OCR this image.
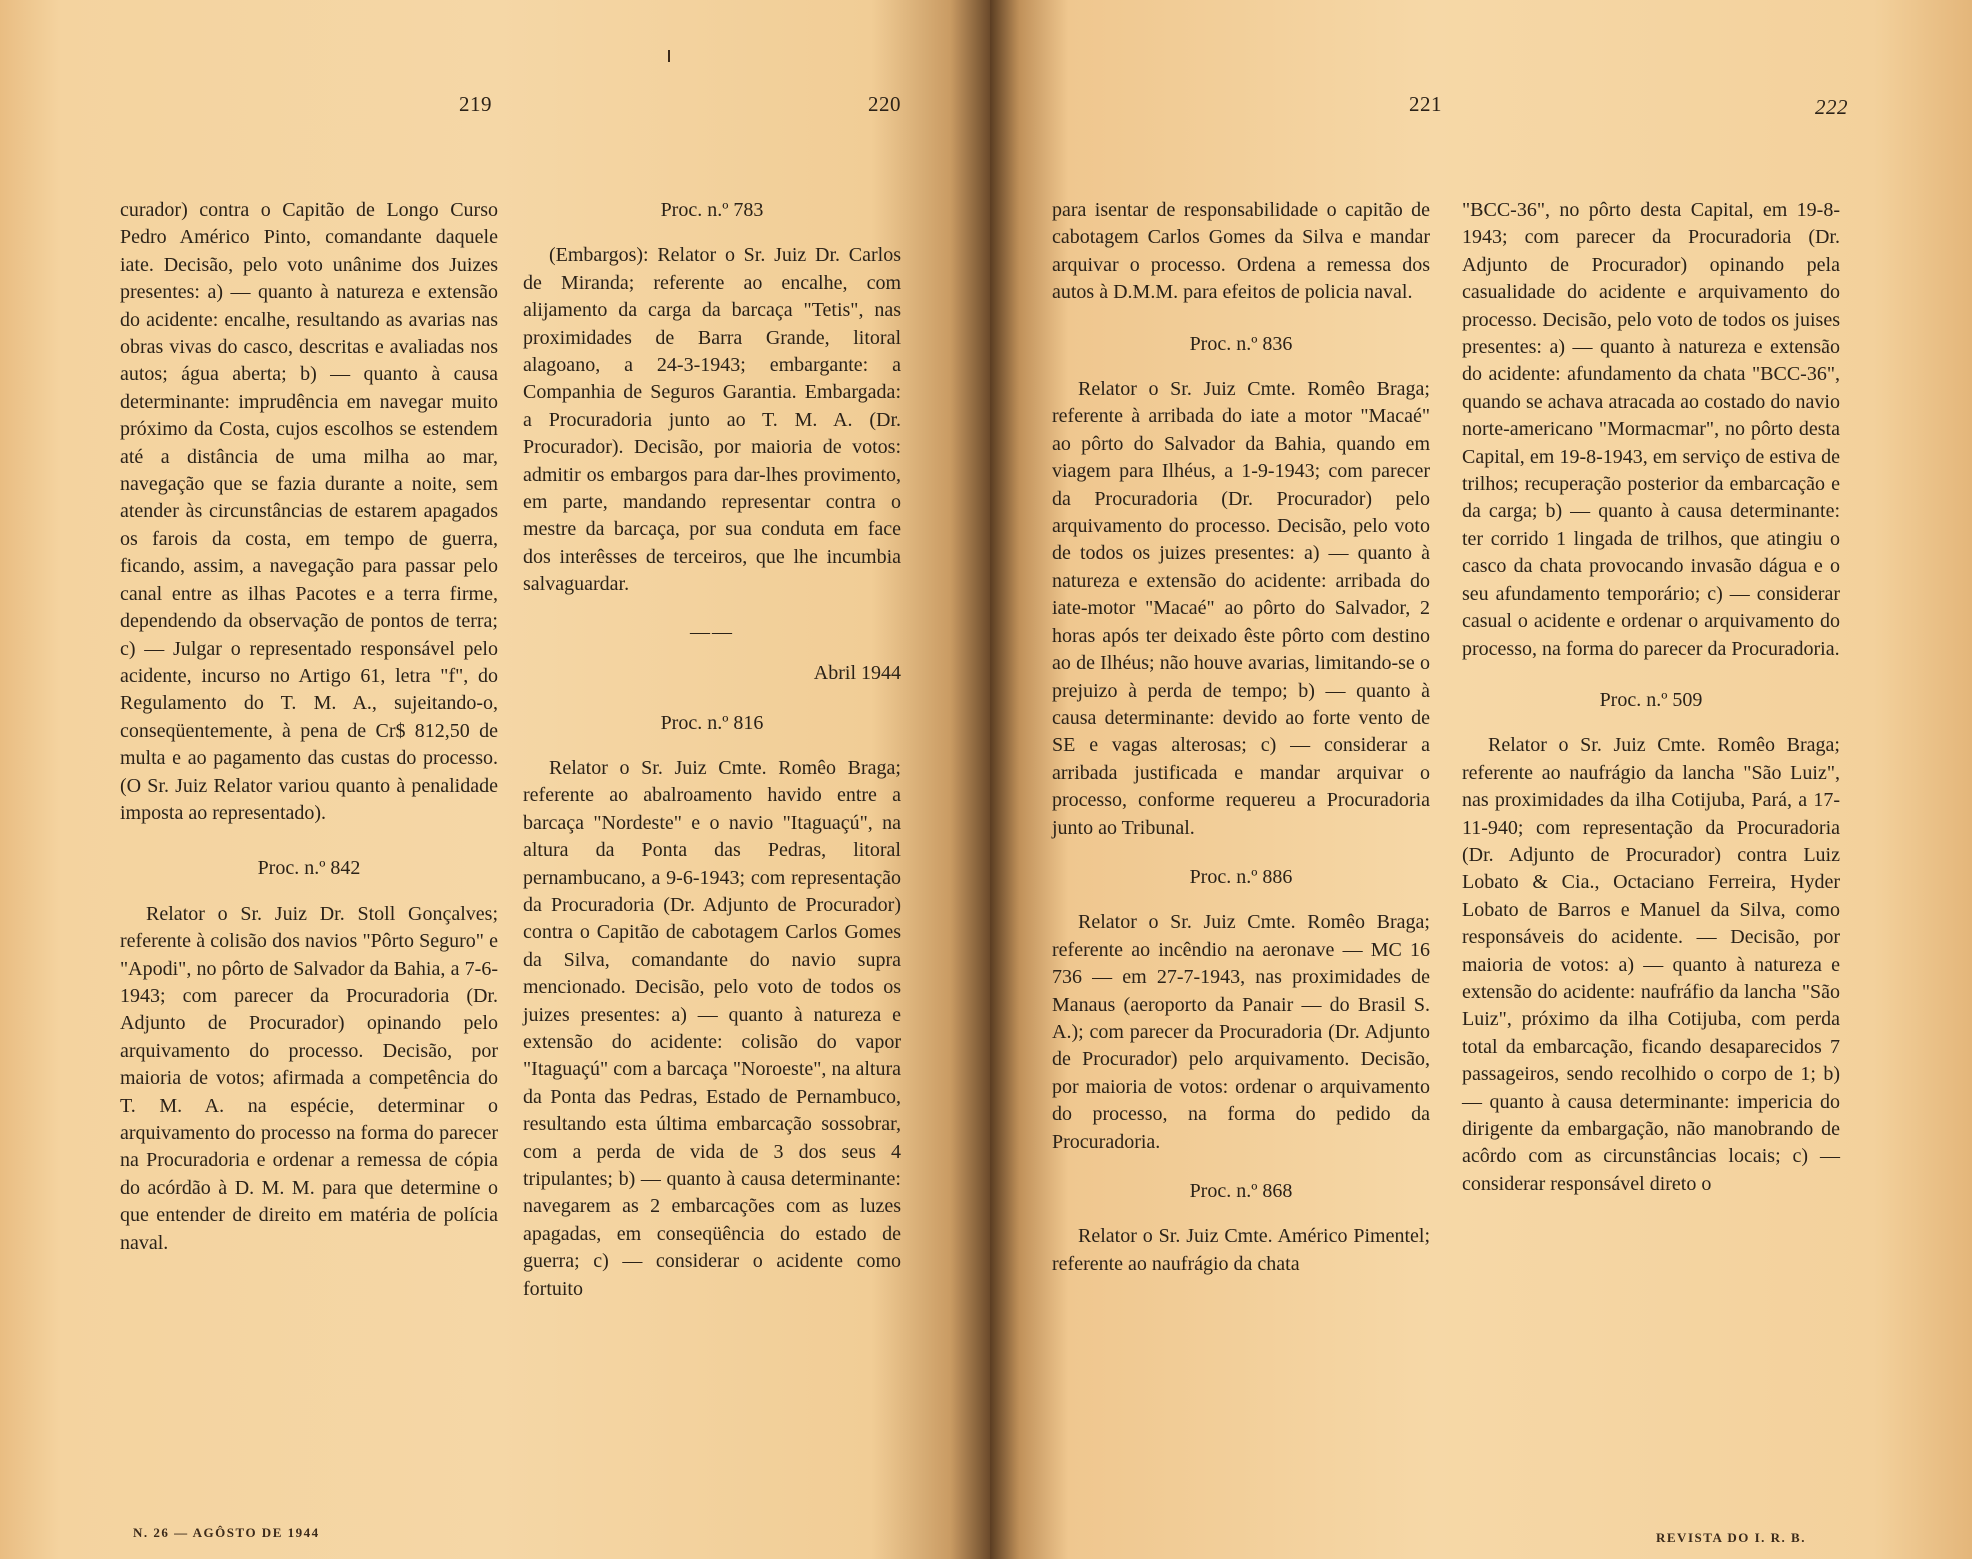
219	220

curador) contra o Capitão de Longo Curso Pedro Américo Pinto, comandante daquele iate. Decisão, pelo voto unânime dos Juizes presentes: a) — quanto à natureza e extensão do acidente: encalhe, resultando as avarias nas obras vivas do casco, descritas e avaliadas nos autos; água aberta; b) — quanto à causa determinante: imprudência em navegar muito próximo da Costa, cujos escolhos se estendem até a distância de uma milha ao mar, navegação que se fazia durante a noite, sem atender às circunstâncias de estarem apagados os farois da costa, em tempo de guerra, ficando, assim, a navegação para passar pelo canal entre as ilhas Pacotes e a terra firme, dependendo da observação de pontos de terra; c) — Julgar o representado responsável pelo acidente, incurso no Artigo 61, letra "f", do Regulamento do T. M. A., sujeitando-o, conseqüentemente, à pena de Cr$ 812,50 de multa e ao pagamento das custas do processo. (O Sr. Juiz Relator variou quanto à penalidade imposta ao representado).

Proc. n.º 842

Relator o Sr. Juiz Dr. Stoll Gonçalves; referente à colisão dos navios "Pôrto Seguro" e "Apodi", no pôrto de Salvador da Bahia, a 7-6-1943; com parecer da Procuradoria (Dr. Adjunto de Procurador) opinando pelo arquivamento do processo. Decisão, por maioria de votos; afirmada a competência do T. M. A. na espécie, determinar o arquivamento do processo na forma do parecer na Procuradoria e ordenar a remessa de cópia do acórdão à D. M. M. para que determine o que entender de direito em matéria de polícia naval.

Proc. n.º 783

(Embargos): Relator o Sr. Juiz Dr. Carlos de Miranda; referente ao encalhe, com alijamento da carga da barcaça "Tetis", nas proximidades de Barra Grande, litoral alagoano, a 24-3-1943; embargante: a Companhia de Seguros Garantia. Embargada: a Procuradoria junto ao T. M. A. (Dr. Procurador). Decisão, por maioria de votos: admitir os embargos para dar-lhes provimento, em parte, mandando representar contra o mestre da barcaça, por sua conduta em face dos interêsses de terceiros, que lhe incumbia salvaguardar.

——

Abril 1944

Proc. n.º 816

Relator o Sr. Juiz Cmte. Romêo Braga; referente ao abalroamento havido entre a barcaça "Nordeste" e o navio "Itaguaçú", na altura da Ponta das Pedras, litoral pernambucano, a 9-6-1943; com representação da Procuradoria (Dr. Adjunto de Procurador) contra o Capitão de cabotagem Carlos Gomes da Silva, comandante do navio supra mencionado. Decisão, pelo voto de todos os juizes presentes: a) — quanto à natureza e extensão do acidente: colisão do vapor "Itaguaçú" com a barcaça "Noroeste", na altura da Ponta das Pedras, Estado de Pernambuco, resultando esta última embarcação sossobrar, com a perda de vida de 3 dos seus 4 tripulantes; b) — quanto à causa determinante: navegarem as 2 embarcações com as luzes apagadas, em conseqüência do estado de guerra; c) — considerar o acidente como fortuito

N. 26 — AGÔSTO DE 1944
221	222

para isentar de responsabilidade o capitão de cabotagem Carlos Gomes da Silva e mandar arquivar o processo. Ordena a remessa dos autos à D.M.M. para efeitos de policia naval.

Proc. n.º 836

Relator o Sr. Juiz Cmte. Romêo Braga; referente à arribada do iate a motor "Macaé" ao pôrto do Salvador da Bahia, quando em viagem para Ilhéus, a 1-9-1943; com parecer da Procuradoria (Dr. Procurador) pelo arquivamento do processo. Decisão, pelo voto de todos os juizes presentes: a) — quanto à natureza e extensão do acidente: arribada do iate-motor "Macaé" ao pôrto do Salvador, 2 horas após ter deixado êste pôrto com destino ao de Ilhéus; não houve avarias, limitando-se o prejuizo à perda de tempo; b) — quanto à causa determinante: devido ao forte vento de SE e vagas alterosas; c) — considerar a arribada justificada e mandar arquivar o processo, conforme requereu a Procuradoria junto ao Tribunal.

Proc. n.º 886

Relator o Sr. Juiz Cmte. Romêo Braga; referente ao incêndio na aeronave — MC 16 736 — em 27-7-1943, nas proximidades de Manaus (aeroporto da Panair — do Brasil S. A.); com parecer da Procuradoria (Dr. Adjunto de Procurador) pelo arquivamento. Decisão, por maioria de votos: ordenar o arquivamento do processo, na forma do pedido da Procuradoria.

Proc. n.º 868

Relator o Sr. Juiz Cmte. Américo Pimentel; referente ao naufrágio da chata

"BCC-36", no pôrto desta Capital, em 19-8-1943; com parecer da Procuradoria (Dr. Adjunto de Procurador) opinando pela casualidade do acidente e arquivamento do processo. Decisão, pelo voto de todos os juises presentes: a) — quanto à natureza e extensão do acidente: afundamento da chata "BCC-36", quando se achava atracada ao costado do navio norte-americano "Mormacmar", no pôrto desta Capital, em 19-8-1943, em serviço de estiva de trilhos; recuperação posterior da embarcação e da carga; b) — quanto à causa determinante: ter corrido 1 lingada de trilhos, que atingiu o casco da chata provocando invasão dágua e o seu afundamento temporário; c) — considerar casual o acidente e ordenar o arquivamento do processo, na forma do parecer da Procuradoria.

Proc. n.º 509

Relator o Sr. Juiz Cmte. Romêo Braga; referente ao naufrágio da lancha "São Luiz", nas proximidades da ilha Cotijuba, Pará, a 17-11-940; com representação da Procuradoria (Dr. Adjunto de Procurador) contra Luiz Lobato & Cia., Octaciano Ferreira, Hyder Lobato de Barros e Manuel da Silva, como responsáveis do acidente. — Decisão, por maioria de votos: a) — quanto à natureza e extensão do acidente: naufráfio da lancha "São Luiz", próximo da ilha Cotijuba, com perda total da embarcação, ficando desaparecidos 7 passageiros, sendo recolhido o corpo de 1; b) — quanto à causa determinante: impericia do dirigente da embargação, não manobrando de acôrdo com as circunstâncias locais; c) — considerar responsável direto o

REVISTA DO I. R. B.
